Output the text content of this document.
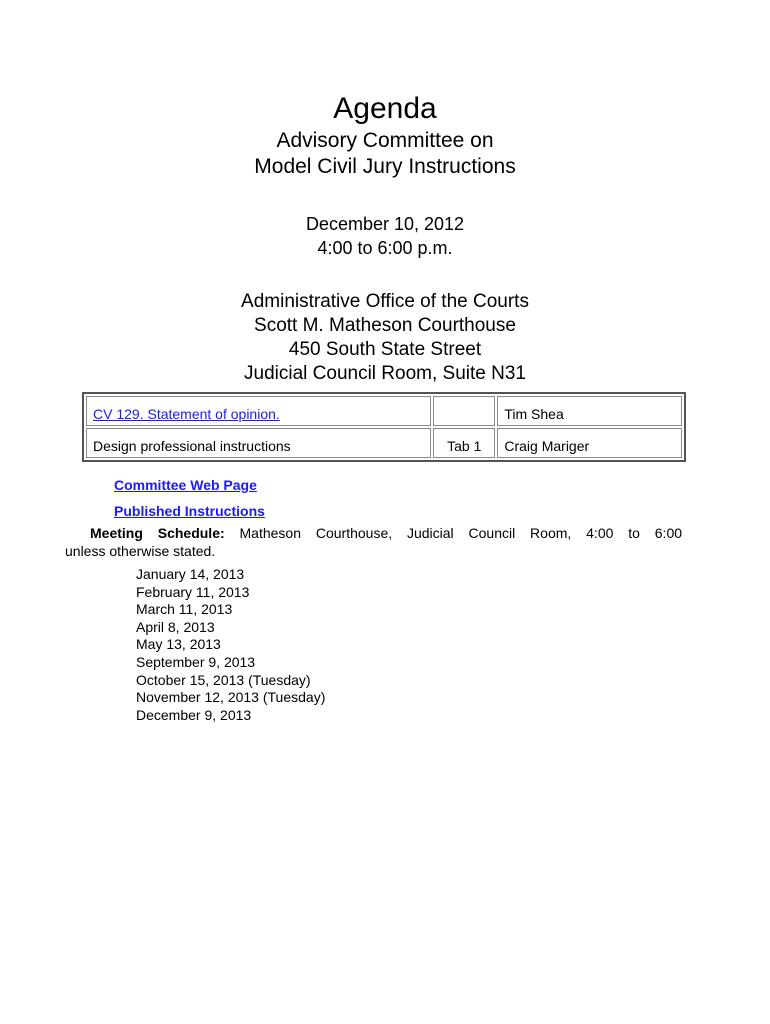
Agenda
Advisory Committee on
Model Civil Jury Instructions
December 10, 2012
4:00 to 6:00 p.m.
Administrative Office of the Courts
Scott M. Matheson Courthouse
450 South State Street
Judicial Council Room, Suite N31
CV 129. Statement of opinion.		Tim Shea
Design professional instructions	Tab 1	Craig Mariger
Committee Web Page
Published Instructions
Meeting Schedule: Matheson Courthouse, Judicial Council Room, 4:00 to 6:00
unless otherwise stated.
January 14, 2013
February 11, 2013
March 11, 2013
April 8, 2013
May 13, 2013
September 9, 2013
October 15, 2013 (Tuesday)
November 12, 2013 (Tuesday)
December 9, 2013
